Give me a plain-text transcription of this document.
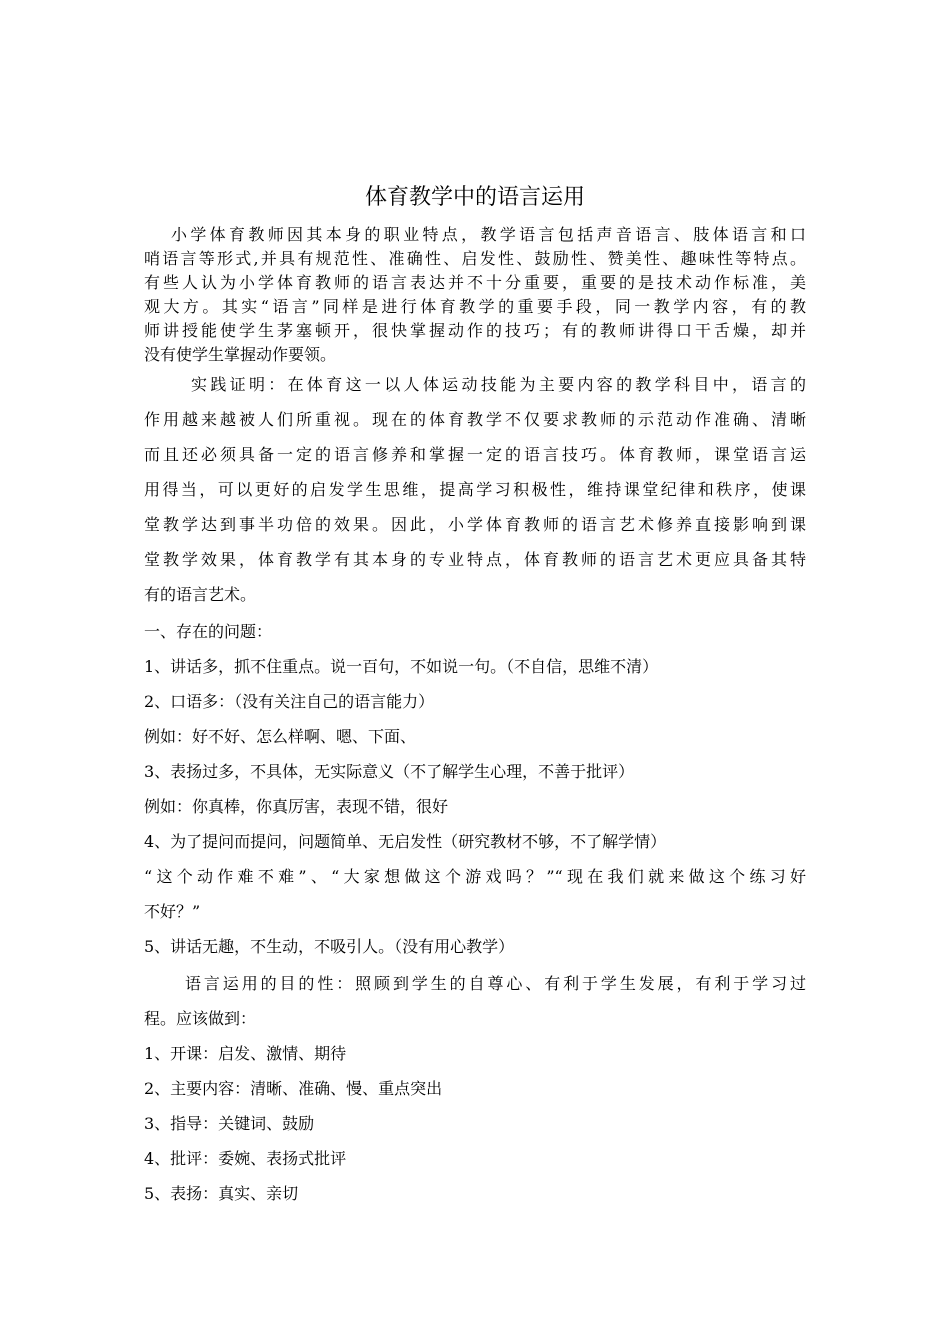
体育教学中的语言运用
小学体育教师因其本身的职业特点，教学语言包括声音语言、肢体语言和口
哨语言等形式,并具有规范性、准确性、启发性、鼓励性、赞美性、趣味性等特点。
有些人认为小学体育教师的语言表达并不十分重要，重要的是技术动作标准，美
观大方。其实“语言”同样是进行体育教学的重要手段，同一教学内容，有的教
师讲授能使学生茅塞顿开，很快掌握动作的技巧；有的教师讲得口干舌燥，却并
没有使学生掌握动作要领。
实践证明：在体育这一以人体运动技能为主要内容的教学科目中，语言的
作用越来越被人们所重视。现在的体育教学不仅要求教师的示范动作准确、清晰
而且还必须具备一定的语言修养和掌握一定的语言技巧。体育教师，课堂语言运
用得当，可以更好的启发学生思维，提高学习积极性，维持课堂纪律和秩序，使课
堂教学达到事半功倍的效果。因此，小学体育教师的语言艺术修养直接影响到课
堂教学效果，体育教学有其本身的专业特点，体育教师的语言艺术更应具备其特
有的语言艺术。
一、存在的问题：
1、讲话多，抓不住重点。说一百句，不如说一句。（不自信，思维不清）
2、口语多：（没有关注自己的语言能力）
例如：好不好、怎么样啊、嗯、下面、
3、表扬过多，不具体，无实际意义（不了解学生心理，不善于批评）
例如：你真棒，你真厉害，表现不错，很好
4、为了提问而提问，问题简单、无启发性（研究教材不够，不了解学情）
“这个动作难不难”、“大家想做这个游戏吗？”“现在我们就来做这个练习好
不好？”
5、讲话无趣，不生动，不吸引人。（没有用心教学）
语言运用的目的性：照顾到学生的自尊心、有利于学生发展，有利于学习过
程。应该做到：
1、开课：启发、激情、期待
2、主要内容：清晰、准确、慢、重点突出
3、指导：关键词、鼓励
4、批评：委婉、表扬式批评
5、表扬：真实、亲切
